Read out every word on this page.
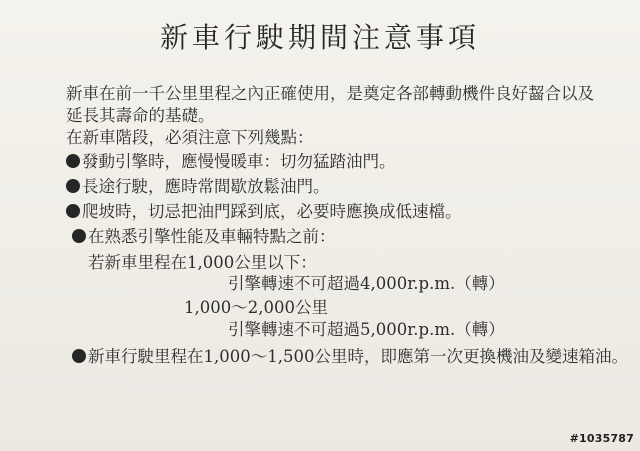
新車行駛期間注意事項
新車在前一千公里里程之內正確使用，是奠定各部轉動機件良好齧合以及
延長其壽命的基礎。
在新車階段，必須注意下列幾點：
發動引擎時，應慢慢暖車：切勿猛踏油門。
長途行駛，應時常間歇放鬆油門。
爬坡時，切忌把油門踩到底，必要時應換成低速檔。
在熟悉引擎性能及車輛特點之前：
若新車里程在1,000公里以下：
引擎轉速不可超過4,000r.p.m.（轉）
1,000～2,000公里
引擎轉速不可超過5,000r.p.m.（轉）
新車行駛里程在1,000～1,500公里時，即應第一次更換機油及變速箱油。
#1035787
